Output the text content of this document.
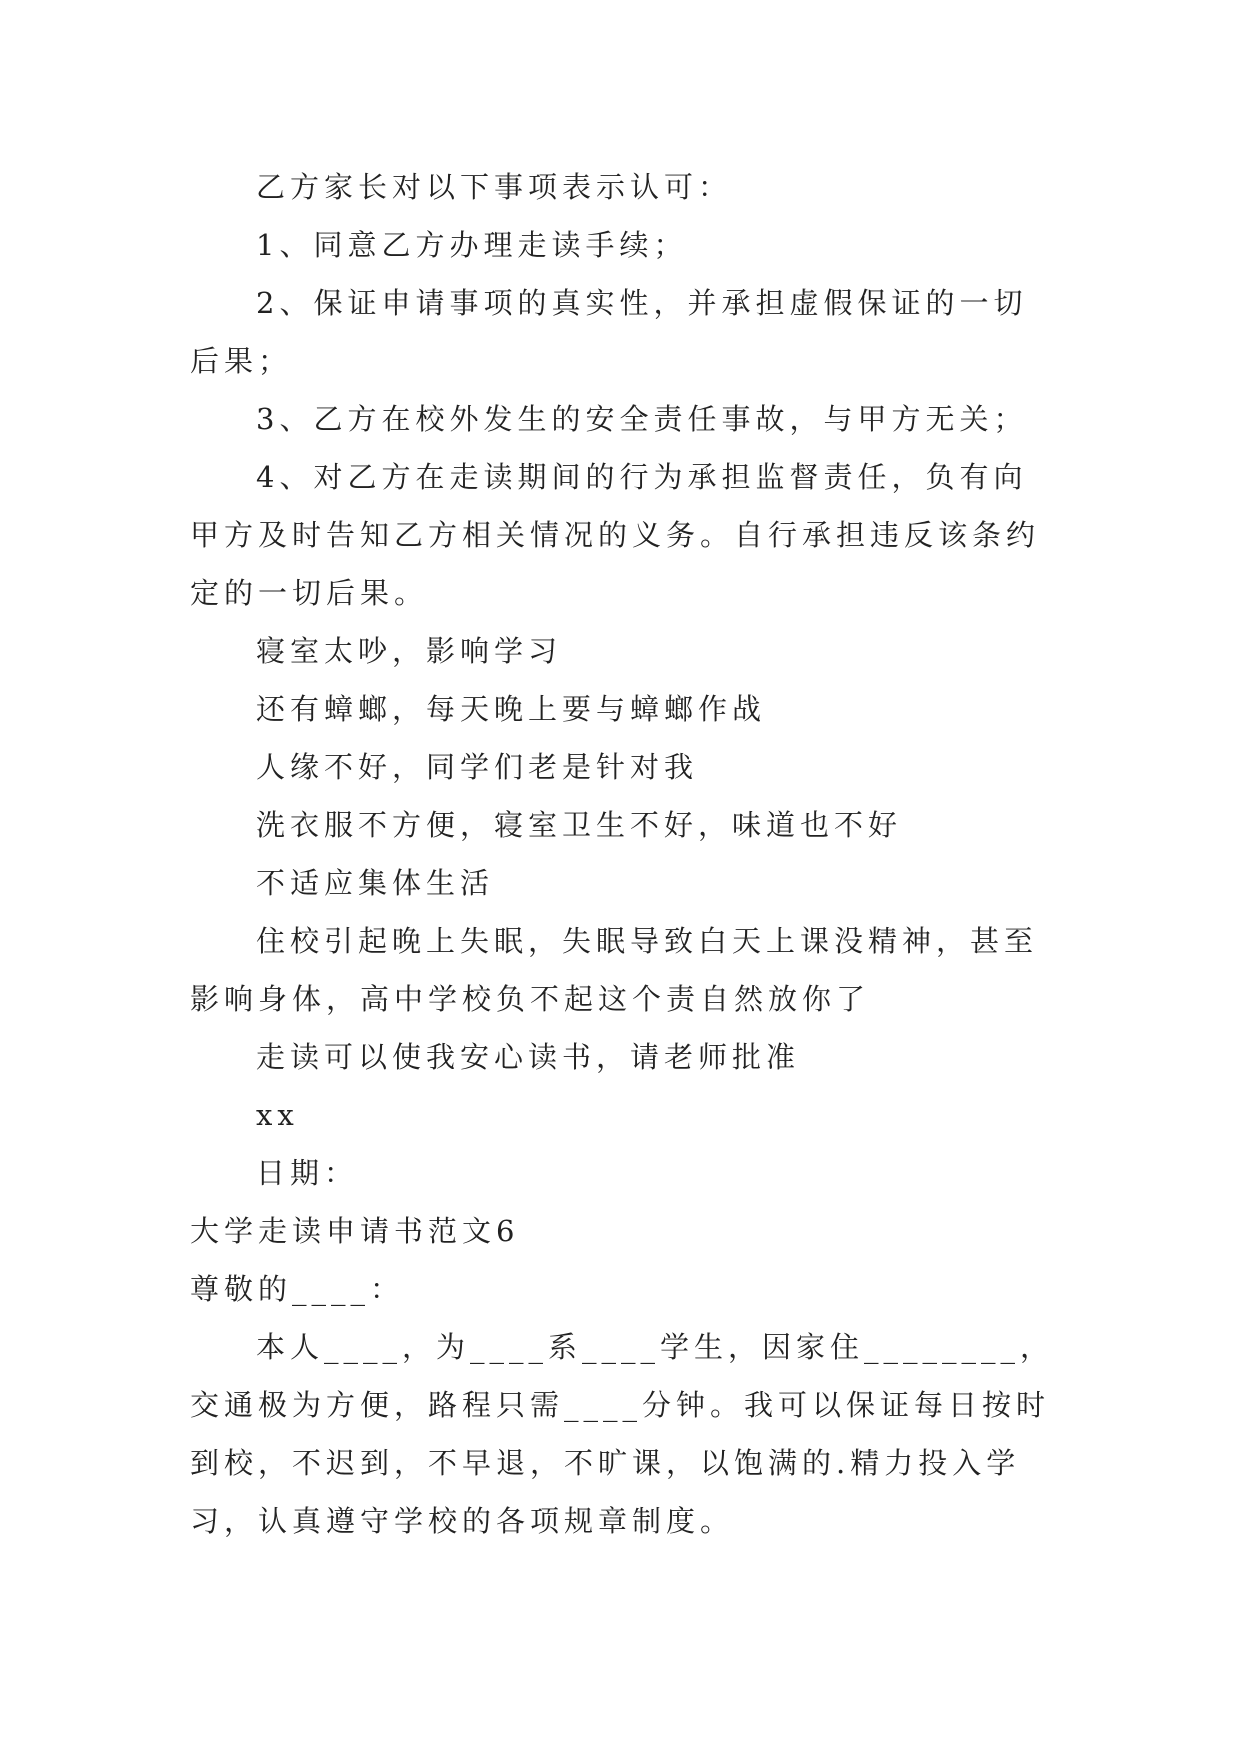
乙方家长对以下事项表示认可：

1、同意乙方办理走读手续；

2、保证申请事项的真实性，并承担虚假保证的一切后果；

3、乙方在校外发生的安全责任事故，与甲方无关；

4、对乙方在走读期间的行为承担监督责任，负有向甲方及时告知乙方相关情况的义务。自行承担违反该条约定的一切后果。

寝室太吵，影响学习

还有蟑螂，每天晚上要与蟑螂作战

人缘不好，同学们老是针对我

洗衣服不方便，寝室卫生不好，味道也不好

不适应集体生活

住校引起晚上失眠，失眠导致白天上课没精神，甚至影响身体，高中学校负不起这个责自然放你了

走读可以使我安心读书，请老师批准

xx

日期：

大学走读申请书范文6

尊敬的____：

本人____，为____系____学生，因家住________，交通极为方便，路程只需____分钟。我可以保证每日按时到校，不迟到，不早退，不旷课，以饱满的.精力投入学习，认真遵守学校的各项规章制度。
